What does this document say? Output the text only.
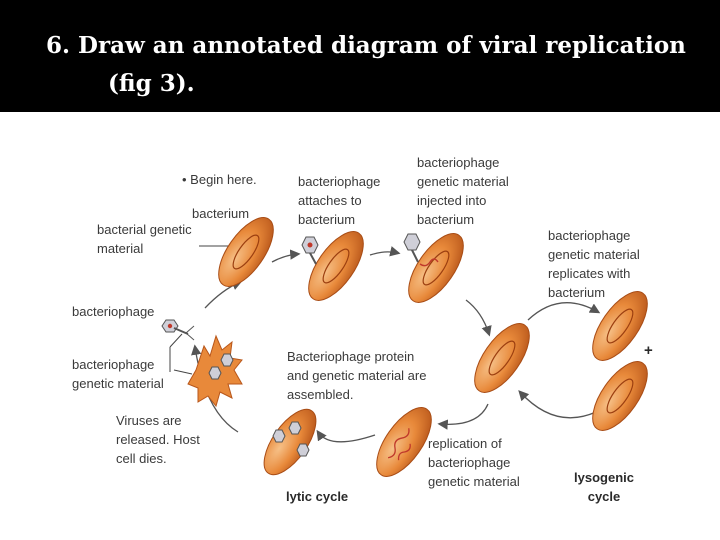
6. Draw an annotated diagram of viral replication
(fig 3).
• Begin here.
bacterium
bacterial genetic material
bacteriophage attaches to bacterium
bacteriophage genetic material injected into bacterium
bacteriophage genetic material replicates with bacterium
bacteriophage
bacteriophage genetic material
Bacteriophage protein and genetic material are assembled.
Viruses are released. Host cell dies.
replication of bacteriophage genetic material
lytic cycle
lysogenic cycle
+
